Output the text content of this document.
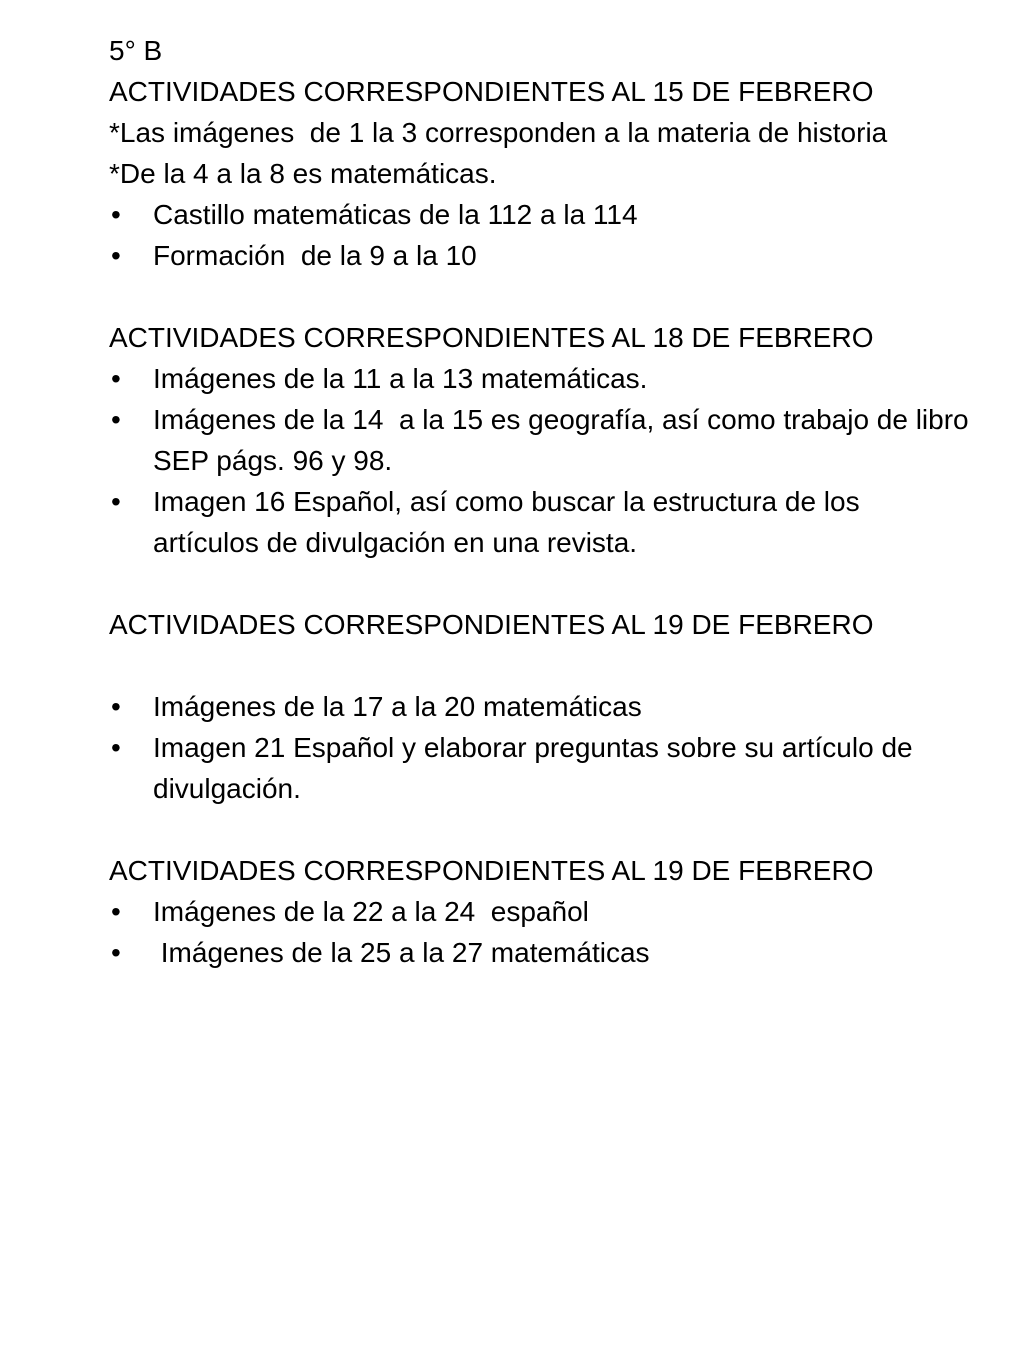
5° B

ACTIVIDADES CORRESPONDIENTES AL 15 DE FEBRERO

*Las imágenes  de 1 la 3 corresponden a la materia de historia

*De la 4 a la 8 es matemáticas.

•	Castillo matemáticas de la 112 a la 114
•	Formación  de la 9 a la 10

ACTIVIDADES CORRESPONDIENTES AL 18 DE FEBRERO

•	Imágenes de la 11 a la 13 matemáticas.
•	Imágenes de la 14  a la 15 es geografía, así como trabajo de libro SEP págs. 96 y 98.
•	Imagen 16 Español, así como buscar la estructura de los artículos de divulgación en una revista.

ACTIVIDADES CORRESPONDIENTES AL 19 DE FEBRERO

•	Imágenes de la 17 a la 20 matemáticas
•	Imagen 21 Español y elaborar preguntas sobre su artículo de divulgación.

ACTIVIDADES CORRESPONDIENTES AL 19 DE FEBRERO

•	Imágenes de la 22 a la 24  español
•	Imágenes de la 25 a la 27 matemáticas
